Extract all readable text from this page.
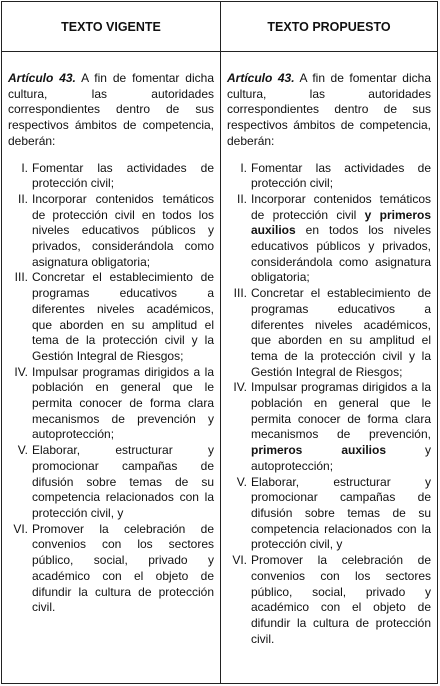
TEXTO VIGENTE	TEXTO PROPUESTO

Artículo 43. A fin de fomentar dicha cultura, las autoridades correspondientes dentro de sus respectivos ámbitos de competencia, deberán:

I. Fomentar las actividades de protección civil;
II. Incorporar contenidos temáticos de protección civil en todos los niveles educativos públicos y privados, considerándola como asignatura obligatoria;
III. Concretar el establecimiento de programas educativos a diferentes niveles académicos, que aborden en su amplitud el tema de la protección civil y la Gestión Integral de Riesgos;
IV. Impulsar programas dirigidos a la población en general que le permita conocer de forma clara mecanismos de prevención y autoprotección;
V. Elaborar, estructurar y promocionar campañas de difusión sobre temas de su competencia relacionados con la protección civil, y
VI. Promover la celebración de convenios con los sectores público, social, privado y académico con el objeto de difundir la cultura de protección civil.

Artículo 43. A fin de fomentar dicha cultura, las autoridades correspondientes dentro de sus respectivos ámbitos de competencia, deberán:

I. Fomentar las actividades de protección civil;
II. Incorporar contenidos temáticos de protección civil y primeros auxilios en todos los niveles educativos públicos y privados, considerándola como asignatura obligatoria;
III. Concretar el establecimiento de programas educativos a diferentes niveles académicos, que aborden en su amplitud el tema de la protección civil y la Gestión Integral de Riesgos;
IV. Impulsar programas dirigidos a la población en general que le permita conocer de forma clara mecanismos de prevención, primeros auxilios y autoprotección;
V. Elaborar, estructurar y promocionar campañas de difusión sobre temas de su competencia relacionados con la protección civil, y
VI. Promover la celebración de convenios con los sectores público, social, privado y académico con el objeto de difundir la cultura de protección civil.
